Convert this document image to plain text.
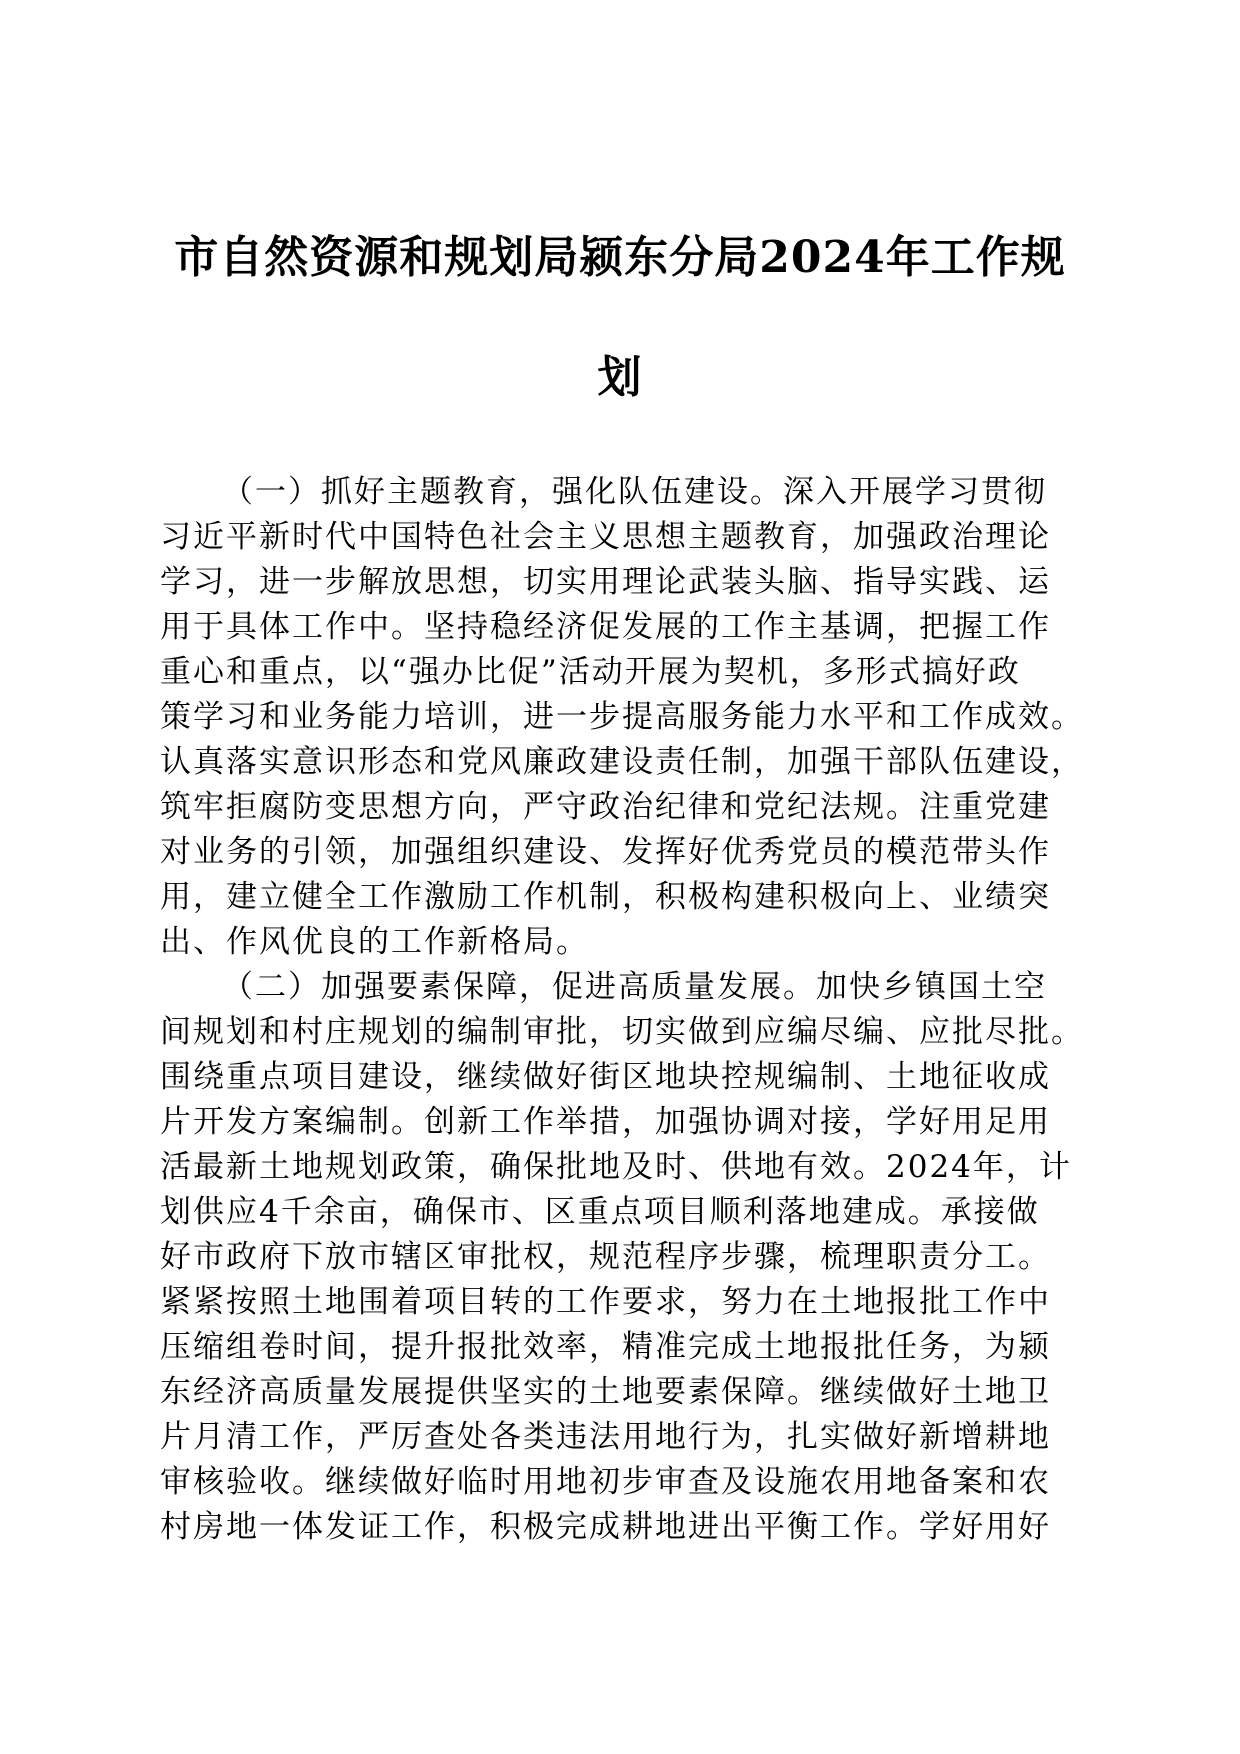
市自然资源和规划局颍东分局2024年工作规
划
（一）抓好主题教育，强化队伍建设。深入开展学习贯彻
习近平新时代中国特色社会主义思想主题教育，加强政治理论
学习，进一步解放思想，切实用理论武装头脑、指导实践、运
用于具体工作中。坚持稳经济促发展的工作主基调，把握工作
重心和重点，以“强办比促”活动开展为契机，多形式搞好政
策学习和业务能力培训，进一步提高服务能力水平和工作成效。
认真落实意识形态和党风廉政建设责任制，加强干部队伍建设，
筑牢拒腐防变思想方向，严守政治纪律和党纪法规。注重党建
对业务的引领，加强组织建设、发挥好优秀党员的模范带头作
用，建立健全工作激励工作机制，积极构建积极向上、业绩突
出、作风优良的工作新格局。
（二）加强要素保障，促进高质量发展。加快乡镇国土空
间规划和村庄规划的编制审批，切实做到应编尽编、应批尽批。
围绕重点项目建设，继续做好街区地块控规编制、土地征收成
片开发方案编制。创新工作举措，加强协调对接，学好用足用
活最新土地规划政策，确保批地及时、供地有效。2024年，计
划供应4千余亩，确保市、区重点项目顺利落地建成。承接做
好市政府下放市辖区审批权，规范程序步骤，梳理职责分工。
紧紧按照土地围着项目转的工作要求，努力在土地报批工作中
压缩组卷时间，提升报批效率，精准完成土地报批任务，为颍
东经济高质量发展提供坚实的土地要素保障。继续做好土地卫
片月清工作，严厉查处各类违法用地行为，扎实做好新增耕地
审核验收。继续做好临时用地初步审查及设施农用地备案和农
村房地一体发证工作，积极完成耕地进出平衡工作。学好用好
